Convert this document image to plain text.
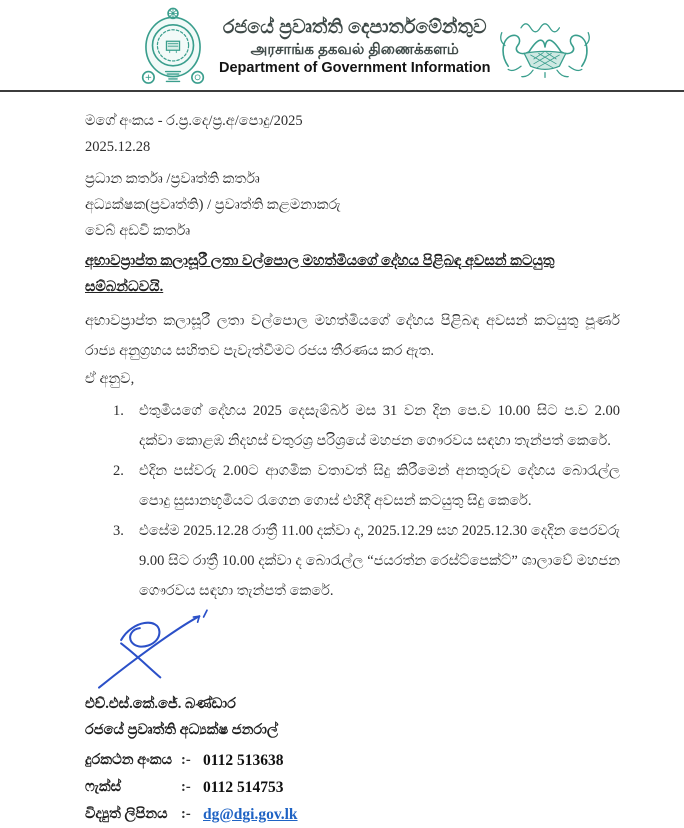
රජයේ ප්‍රවෘත්ති දෙපාර්තමේන්තුව
அரசாங்க தகவல் திணைக்களம்
Department of Government Information
මගේ අංකය - ර.ප්‍ර.දෙ/ප්‍ර.අ/පොදු/2025
2025.12.28
ප්‍රධාන කර්තෘ /ප්‍රවෘත්ති කර්තෘ
අධ්‍යක්ෂක(ප්‍රවෘත්ති) / ප්‍රවෘත්ති කළමනාකරු
වෙබ් අඩවි කර්තෘ
අභාවප්‍රාප්ත කලාසූරී ලතා වල්පොල මහත්මියගේ දේහය පිළිබඳ අවසන් කටයුතු සම්බන්ධවයි.
අභාවප්‍රාප්ත කලාසූරී ලතා වල්පොල මහත්මියගේ දේහය පිළිබඳ අවසන් කටයුතු පූර්ණ රාජ්‍ය අනුග්‍රහය සහිතව පැවැත්වීමට රජය තීරණය කර ඇත.
ඒ අනුව,
1.	එතුමියගේ දේහය 2025 දෙසැම්බර් මස 31 වන දින පෙ.ව 10.00 සිට ප.ව 2.00 දක්වා කොළඹ නිදහස් චතුරශ්‍ර පරිශ්‍රයේ මහජන ගෞරවය සඳහා තැන්පත් කෙරේ.
2.	එදින පස්වරු 2.00ට ආගමික වතාවත් සිදු කිරීමෙන් අනතුරුව දේහය බොරැල්ල පොදු සුසානභූමියට රැගෙන ගොස් එහිදී අවසන් කටයුතු සිදු කෙරේ.
3.	එසේම 2025.12.28 රාත්‍රී 11.00 දක්වා ද, 2025.12.29 සහ 2025.12.30 දෙදින පෙරවරු 9.00 සිට රාත්‍රී 10.00 දක්වා ද බොරැල්ල “ජයරත්න රෙස්ට්පෙක්ට්” ශාලාවේ මහජන ගෞරවය සඳහා තැන්පත් කෙරේ.
එච්.එස්.කේ.ජේ. බණ්ඩාර
රජයේ ප්‍රවෘත්ති අධ්‍යක්ෂ ජනරාල්
දුරකථන අංකය :- 0112 513638
ෆැක්ස්	:- 0112 514753
විද්‍යුත් ලිපිනය :- dg@dgi.gov.lk
